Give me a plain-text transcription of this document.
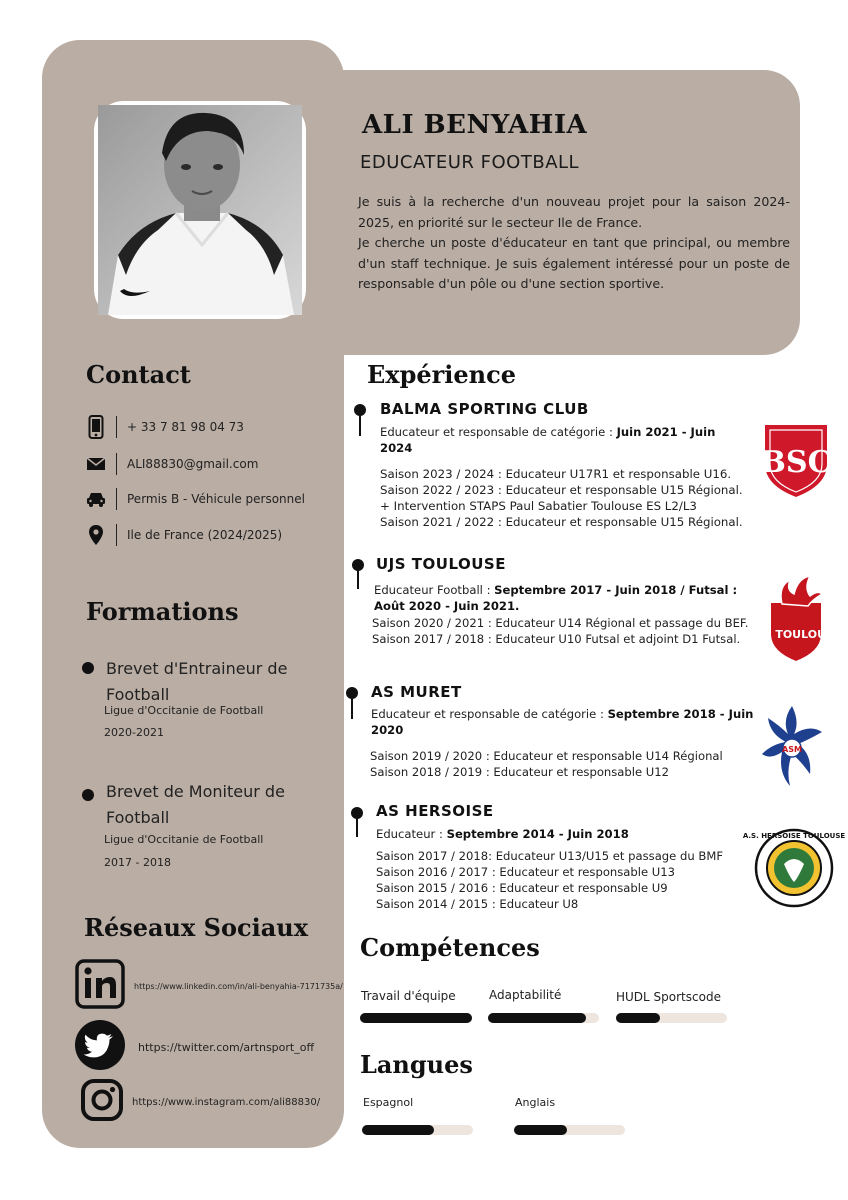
ALI BENYAHIA
EDUCATEUR FOOTBALL

Je suis à la recherche d'un nouveau projet pour la saison 2024-2025, en priorité sur le secteur Ile de France.

Je cherche un poste d'éducateur en tant que principal, ou membre d'un staff technique. Je suis également intéressé pour un poste de responsable d'un pôle ou d'une section sportive.

Contact
+ 33 7 81 98 04 73
ALI88830@gmail.com
Permis B - Véhicule personnel
Ile de France (2024/2025)
Formations
Brevet d'Entraineur de Football
Ligue d'Occitanie de Football
2020-2021
Brevet de Moniteur de Football
Ligue d'Occitanie de Football
2017 - 2018
Réseaux Sociaux
https://www.linkedin.com/in/ali-benyahia-7171735a/
https://twitter.com/artnsport_off
https://www.instagram.com/ali88830/
Expérience
BALMA SPORTING CLUB
Educateur et responsable de catégorie : Juin 2021 - Juin 2024
Saison 2023 / 2024 : Educateur U17R1 et responsable U16.
Saison 2022 / 2023 : Educateur et responsable U15 Régional.
+ Intervention STAPS Paul Sabatier Toulouse ES L2/L3
Saison 2021 / 2022 : Educateur et responsable U15 Régional.
BSC
UJS TOULOUSE
Educateur Football : Septembre 2017 - Juin 2018 / Futsal : Août 2020 - Juin 2021.
Saison 2020 / 2021 : Educateur U14 Régional et passage du BEF.
Saison 2017 / 2018 : Educateur U10 Futsal et adjoint D1 Futsal. UJS TOULOUSE
AS MURET
Educateur et responsable de catégorie : Septembre 2018 - Juin 2020
Saison 2019 / 2020 : Educateur et responsable U14 Régional
Saison 2018 / 2019 : Educateur et responsable U12
ASM
AS HERSOISE
Educateur : Septembre 2014 - Juin 2018
Saison 2017 / 2018: Educateur U13/U15 et passage du BMF
Saison 2016 / 2017 : Educateur et responsable U13
Saison 2015 / 2016 : Educateur et responsable U9
Saison 2014 / 2015 : Educateur U8
A.S. HERSOISE TOULOUSE
Compétences
Travail d'équipe	Adaptabilité	HUDL Sportscode
Langues
Espagnol	Anglais
